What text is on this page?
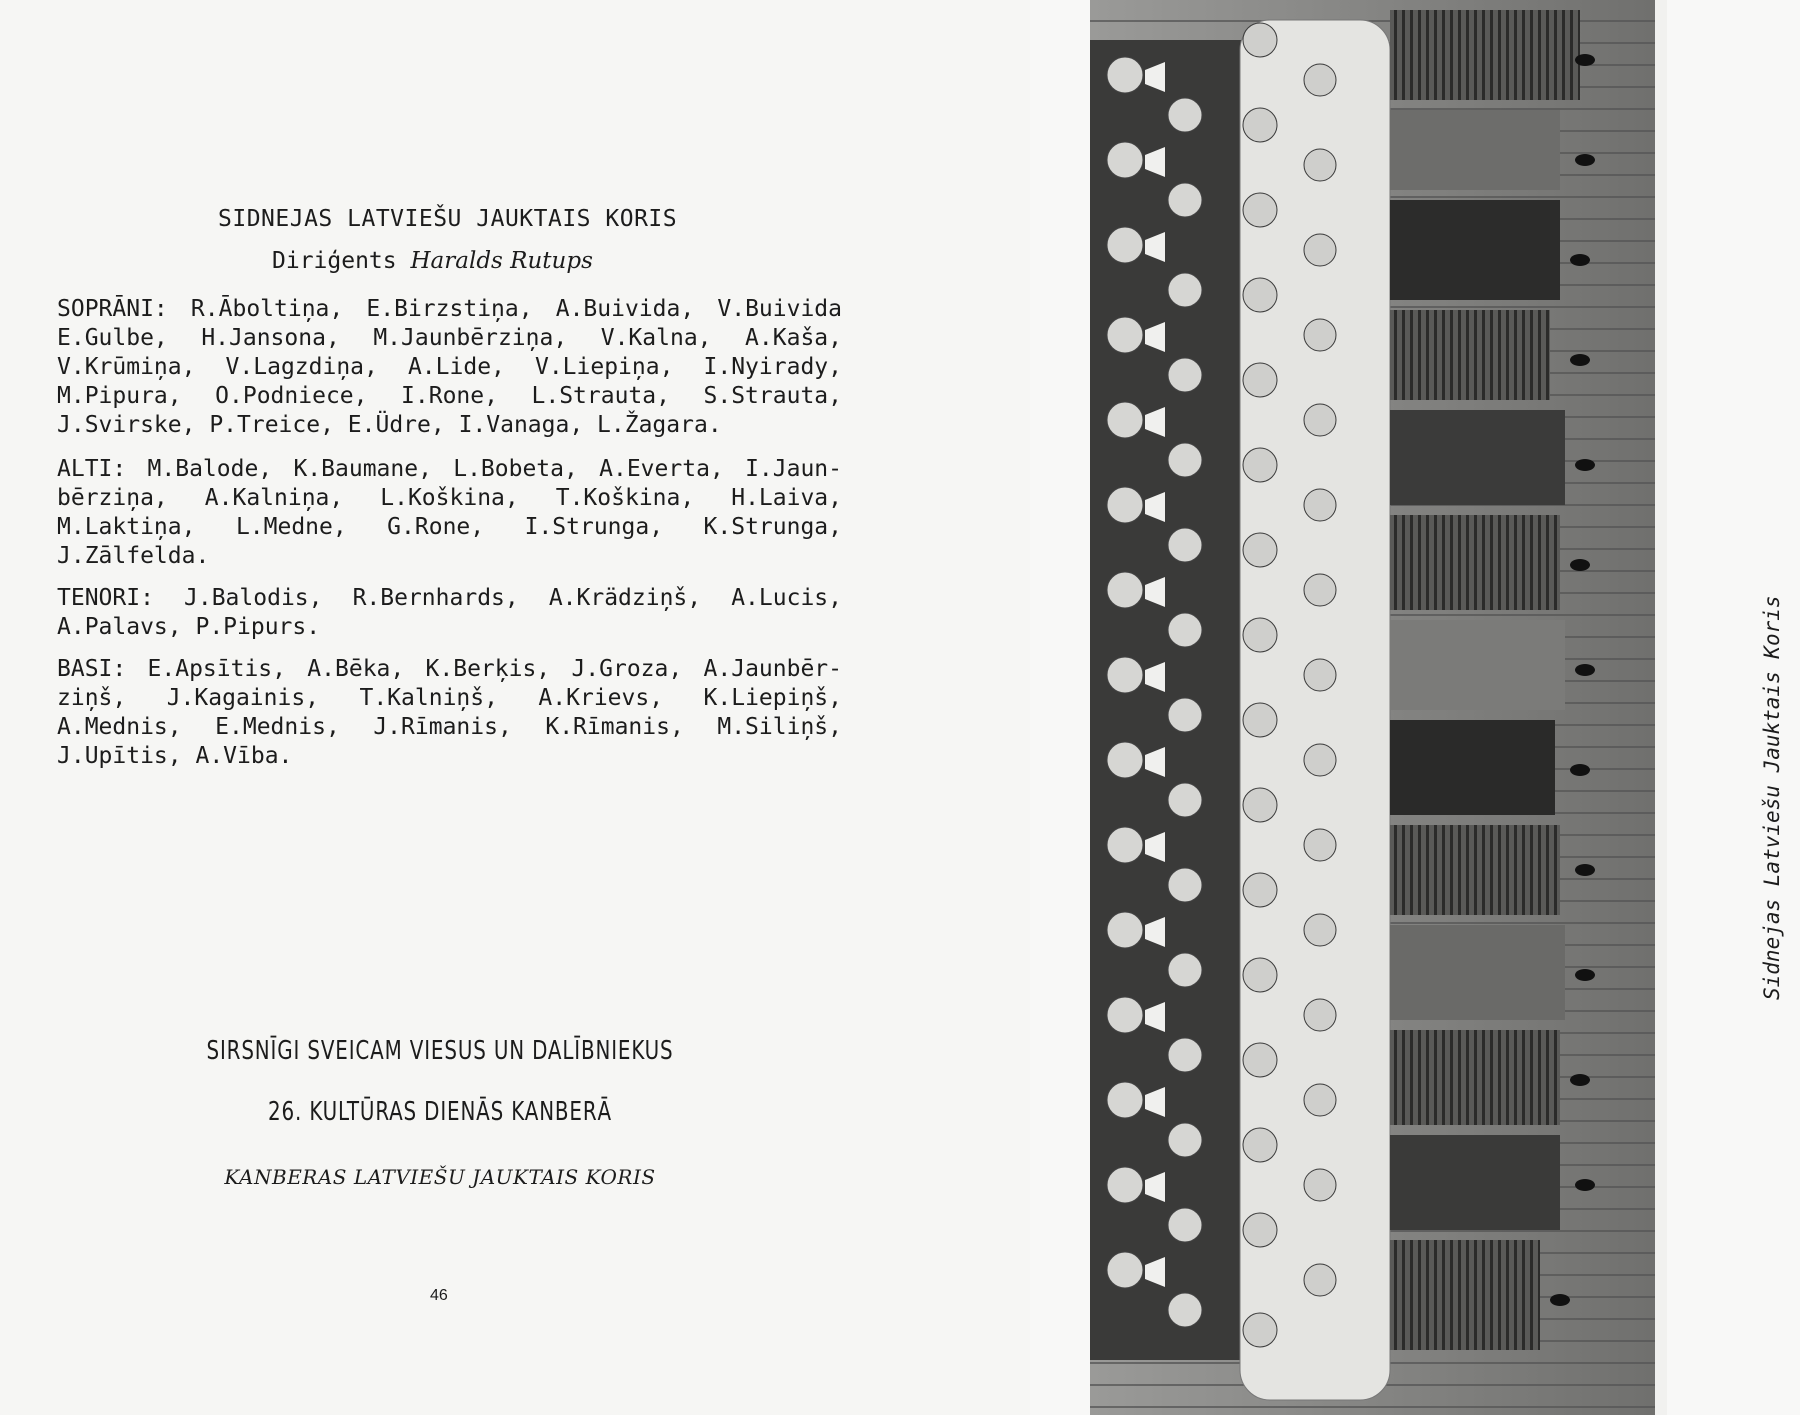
SIDNEJAS LATVIEŠU JAUKTAIS KORIS
Diriģents Haralds Rutups

SOPRĀNI: R.Āboltiņa, E.Birzstiņa, A.Buivida, V.Buivida E.Gulbe, H.Jansona, M.Jaunbērziņa, V.Kalna, A.Kaša, V.Krūmiņa, V.Lagzdiņa, A.Lide, V.Liepiņa, I.Nyirady, M.Pipura, O.Podniece, I.Rone, L.Strauta, S.Strauta, J.Svirske, P.Treice, E.Üdre, I.Vanaga, L.Žagara.

ALTI: M.Balode, K.Baumane, L.Bobeta, A.Everta, I.Jaun- bērziņa, A.Kalniņa, L.Koškina, T.Koškina, H.Laiva, M.Laktiņa, L.Medne, G.Rone, I.Strunga, K.Strunga, J.Zālfelda.

TENORI: J.Balodis, R.Bernhards, A.Krädziņš, A.Lucis, A.Palavs, P.Pipurs.

BASI: E.Apsītis, A.Bēka, K.Berķis, J.Groza, A.Jaunbēr- ziņš, J.Kagainis, T.Kalniņš, A.Krievs, K.Liepiņš, A.Mednis, E.Mednis, J.Rīmanis, K.Rīmanis, M.Siliņš, J.Upītis, A.Vība.

SIRSNĪGI SVEICAM VIESUS UN DALĪBNIEKUS
26. KULTŪRAS DIENĀS KANBERĀ
KANBERAS LATVIEŠU JAUKTAIS KORIS
46
Sidnejas Latviešu Jauktais Koris
